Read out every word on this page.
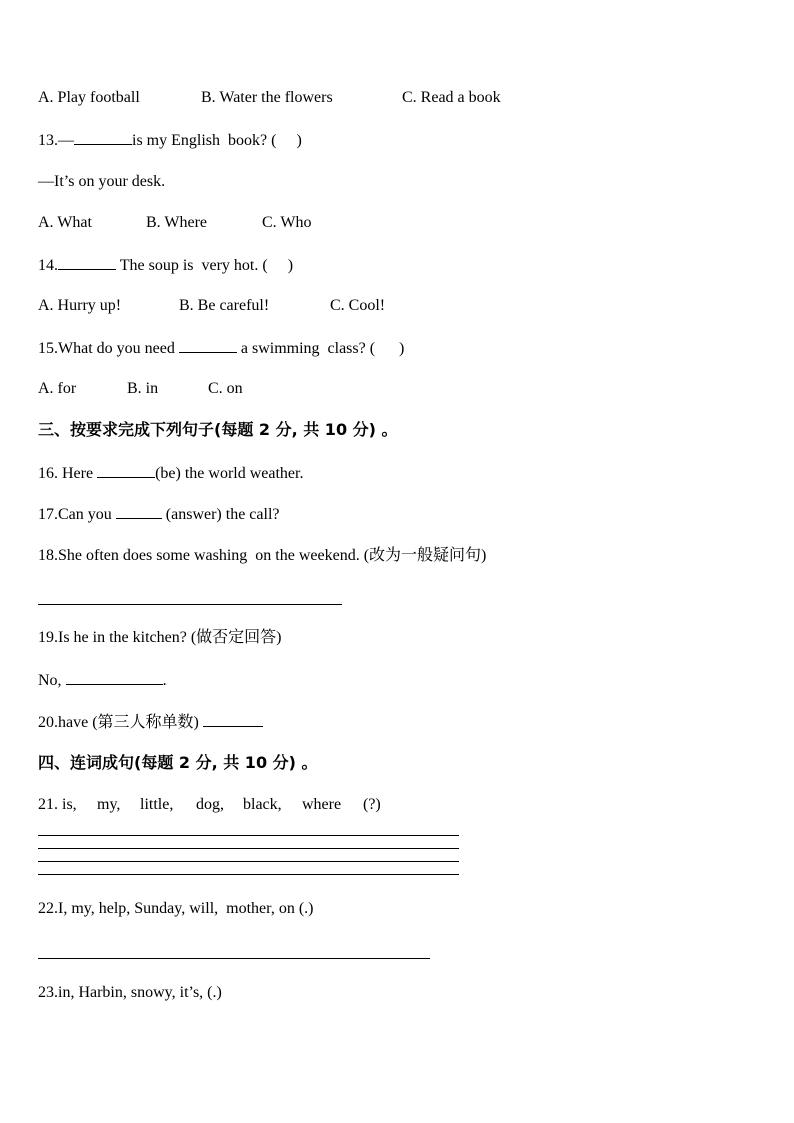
A. Play football

	B. Water the flowers

	C. Read a book

13.—	is my English  book? (     )
—It’s on your desk.

A. What

	B. Where

	C. Who

14.	The soup is  very hot. (     )

A. Hurry up!

	B. Be careful!

	C. Cool!

15.What do you need	a swimming  class? (      )

A. for

	B. in

	C. on

三、按要求完成下列句子(每题 2 分, 共 10 分) 。
16. Here	(be) the world weather.
17.Can you	(answer) the call?
18.She often does some washing  on the weekend. (改为一般疑问句)
19.Is he in the kitchen? (做否定回答)
No,	.
20.have (第三人称单数)
四、连词成句(每题 2 分, 共 10 分) 。

21. is,

my,

little,

dog,

black,

where

(?)

22.I, my, help, Sunday, will,  mother, on (.)
23.in, Harbin, snowy, it’s, (.)
